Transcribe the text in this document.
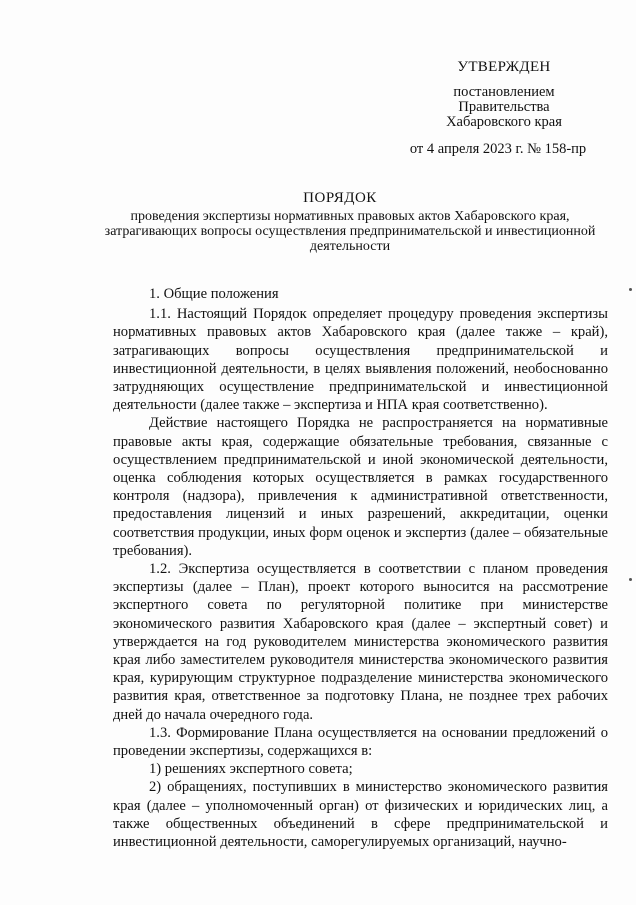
УТВЕРЖДЕН
постановлением
Правительства
Хабаровского края
от 4 апреля 2023 г. № 158-пр
ПОРЯДОК
проведения экспертизы нормативных правовых актов Хабаровского края, затрагивающих вопросы осуществления предпринимательской и инвестиционной деятельности

1. Общие положения

1.1. Настоящий Порядок определяет процедуру проведения экспертизы нормативных правовых актов Хабаровского края (далее также – край), затрагивающих вопросы осуществления предпринимательской и инвестиционной деятельности, в целях выявления положений, необоснованно затрудняющих осуществление предпринимательской и инвестиционной деятельности (далее также – экспертиза и НПА края соответственно).

Действие настоящего Порядка не распространяется на нормативные правовые акты края, содержащие обязательные требования, связанные с осуществлением предпринимательской и иной экономической деятельности, оценка соблюдения которых осуществляется в рамках государственного контроля (надзора), привлечения к административной ответственности, предоставления лицензий и иных разрешений, аккредитации, оценки соответствия продукции, иных форм оценок и экспертиз (далее – обязательные требования).

1.2. Экспертиза осуществляется в соответствии с планом проведения экспертизы (далее – План), проект которого выносится на рассмотрение экспертного совета по регуляторной политике при министерстве экономического развития Хабаровского края (далее – экспертный совет) и утверждается на год руководителем министерства экономического развития края либо заместителем руководителя министерства экономического развития края, курирующим структурное подразделение министерства экономического развития края, ответственное за подготовку Плана, не позднее трех рабочих дней до начала очередного года.

1.3. Формирование Плана осуществляется на основании предложений о проведении экспертизы, содержащихся в:

1) решениях экспертного совета;

2) обращениях, поступивших в министерство экономического развития края (далее – уполномоченный орган) от физических и юридических лиц, а также общественных объединений в сфере предпринимательской и инвестиционной деятельности, саморегулируемых организаций, научно-
